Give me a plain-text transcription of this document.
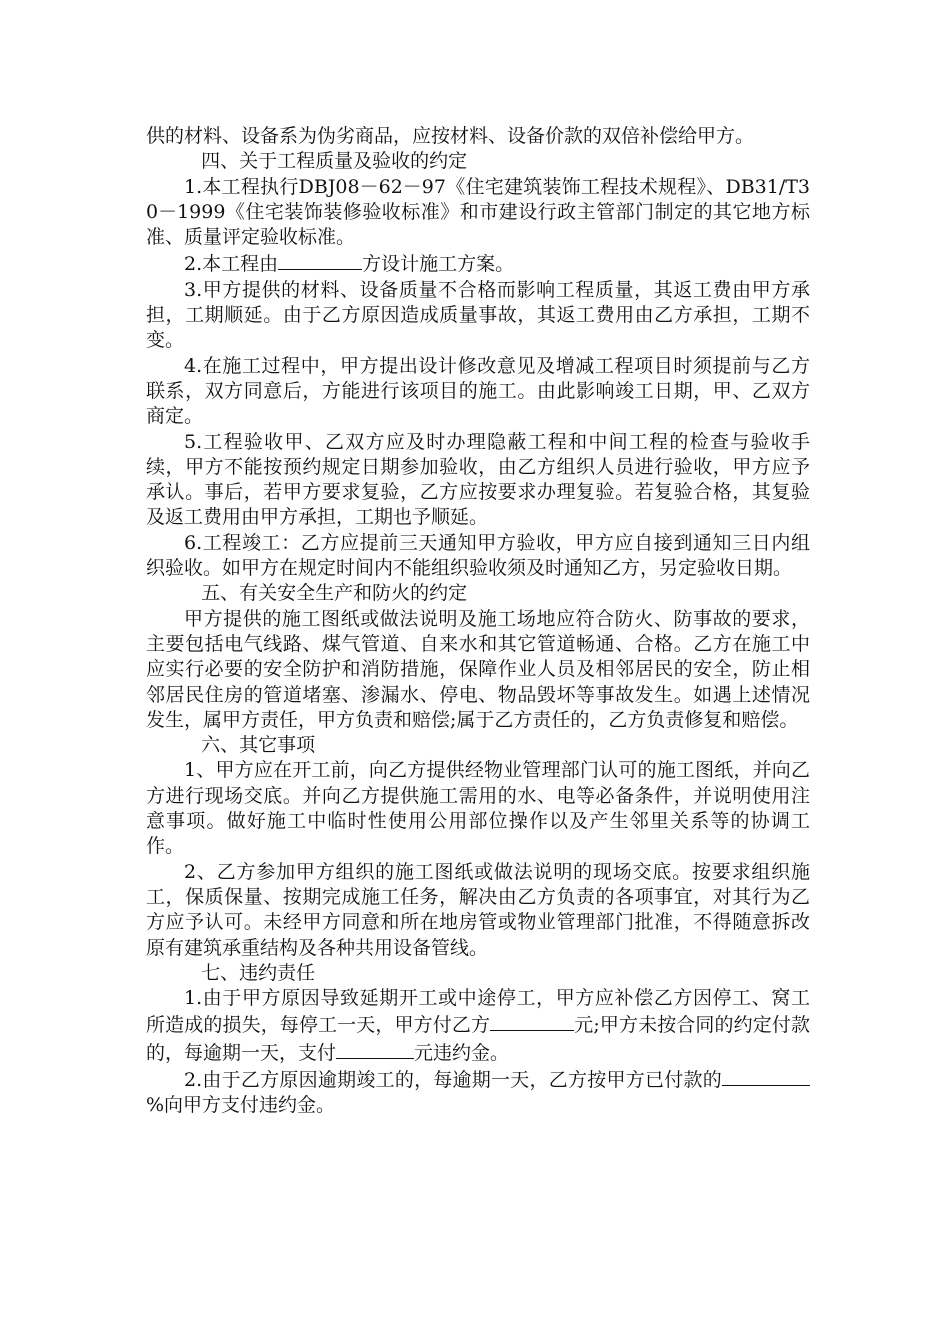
供的材料、设备系为伪劣商品，应按材料、设备价款的双倍补偿给甲方。

四、关于工程质量及验收的约定

1.本工程执行DBJ08－62－97《住宅建筑装饰工程技术规程》、DB31/T30－1999《住宅装饰装修验收标准》和市建设行政主管部门制定的其它地方标准、质量评定验收标准。

2.本工程由	方设计施工方案。

3.甲方提供的材料、设备质量不合格而影响工程质量，其返工费由甲方承担，工期顺延。由于乙方原因造成质量事故，其返工费用由乙方承担，工期不变。

4.在施工过程中，甲方提出设计修改意见及增减工程项目时须提前与乙方联系，双方同意后，方能进行该项目的施工。由此影响竣工日期，甲、乙双方商定。

5.工程验收甲、乙双方应及时办理隐蔽工程和中间工程的检查与验收手续，甲方不能按预约规定日期参加验收，由乙方组织人员进行验收，甲方应予承认。事后，若甲方要求复验，乙方应按要求办理复验。若复验合格，其复验及返工费用由甲方承担，工期也予顺延。

6.工程竣工：乙方应提前三天通知甲方验收，甲方应自接到通知三日内组织验收。如甲方在规定时间内不能组织验收须及时通知乙方，另定验收日期。

五、有关安全生产和防火的约定

甲方提供的施工图纸或做法说明及施工场地应符合防火、防事故的要求，主要包括电气线路、煤气管道、自来水和其它管道畅通、合格。乙方在施工中应实行必要的安全防护和消防措施，保障作业人员及相邻居民的安全，防止相邻居民住房的管道堵塞、渗漏水、停电、物品毁坏等事故发生。如遇上述情况发生，属甲方责任，甲方负责和赔偿;属于乙方责任的，乙方负责修复和赔偿。

六、其它事项

1、甲方应在开工前，向乙方提供经物业管理部门认可的施工图纸，并向乙方进行现场交底。并向乙方提供施工需用的水、电等必备条件，并说明使用注意事项。做好施工中临时性使用公用部位操作以及产生邻里关系等的协调工作。

2、乙方参加甲方组织的施工图纸或做法说明的现场交底。按要求组织施工，保质保量、按期完成施工任务，解决由乙方负责的各项事宜，对其行为乙方应予认可。未经甲方同意和所在地房管或物业管理部门批准，不得随意拆改原有建筑承重结构及各种共用设备管线。

七、违约责任

1.由于甲方原因导致延期开工或中途停工，甲方应补偿乙方因停工、窝工所造成的损失，每停工一天，甲方付乙方	元;甲方未按合同的约定付款的，每逾期一天，支付	元违约金。

2.由于乙方原因逾期竣工的，每逾期一天，乙方按甲方已付款的%向甲方支付违约金。
